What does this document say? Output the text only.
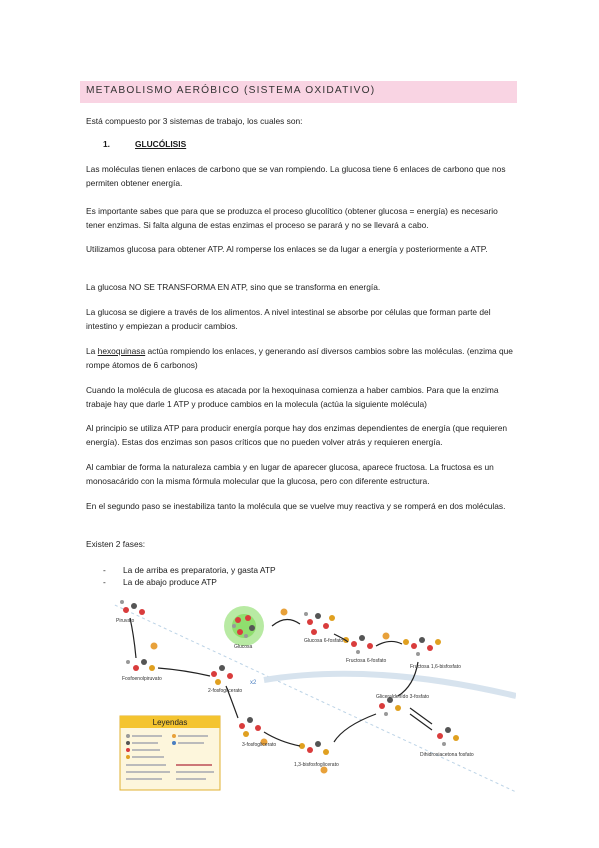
METABOLISMO AERÓBICO (SISTEMA OXIDATIVO)

Está compuesto por 3 sistemas de trabajo, los cuales son:

1.	GLUCÓLISIS

Las moléculas tienen enlaces de carbono que se van rompiendo. La glucosa tiene 6 enlaces de carbono que nos permiten obtener energía.

Es importante sabes que para que se produzca el proceso glucolítico (obtener glucosa = energía) es necesario tener enzimas. Si falta alguna de estas enzimas el proceso se parará y no se llevará a cabo.

Utilizamos glucosa para obtener ATP. Al romperse los enlaces se da lugar a energía y posteriormente a ATP.

La glucosa NO SE TRANSFORMA EN ATP, sino que se transforma en energía.

La glucosa se digiere a través de los alimentos. A nivel intestinal se absorbe por células que forman parte del intestino y empiezan a producir cambios.

La hexoquinasa actúa rompiendo los enlaces, y generando así diversos cambios sobre las moléculas. (enzima que rompe átomos de 6 carbonos)

Cuando la molécula de glucosa es atacada por la hexoquinasa comienza a haber cambios. Para que la enzima trabaje hay que darle 1 ATP y produce cambios en la molecula (actúa la siguiente molécula)

Al principio se utiliza ATP para producir energía porque hay dos enzimas dependientes de energía (que requieren energía). Estas dos enzimas son pasos críticos que no pueden volver atrás y requieren energía.

Al cambiar de forma la naturaleza cambia y en lugar de aparecer glucosa, aparece fructosa. La fructosa es un monosacárido con la misma fórmula molecular que la glucosa, pero con diferente estructura.

En el segundo paso se inestabiliza tanto la molécula que se vuelve muy reactiva y se romperá en dos moléculas.

Existen 2 fases:

- La de arriba es preparatoria, y gasta ATP
- La de abajo produce ATP
Leyendas
Piruvato
Glucosa
Glucosa 6-fosfato
Fructosa 6-fosfato
Fosfoenolpiruvato
x2
2-fosfoglicerato
Fructosa 1,6-bisfosfato
Gliceraldehído 3-fosfato
3-fosfoglicerato
1,3-bisfosfoglicerato
Dihidroxiacetona fosfato
